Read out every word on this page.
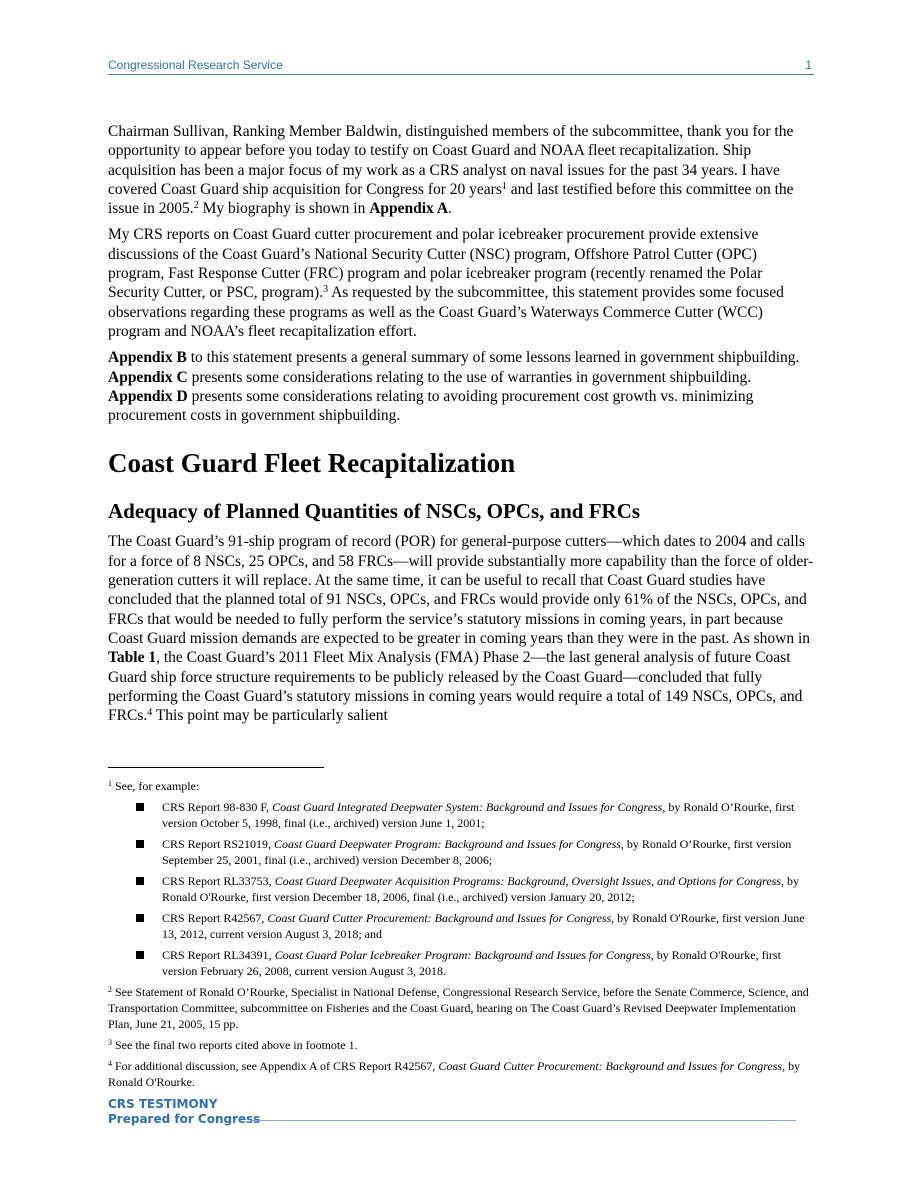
Congressional Research Service	1

Chairman Sullivan, Ranking Member Baldwin, distinguished members of the subcommittee, thank you for the opportunity to appear before you today to testify on Coast Guard and NOAA fleet recapitalization. Ship acquisition has been a major focus of my work as a CRS analyst on naval issues for the past 34 years. I have covered Coast Guard ship acquisition for Congress for 20 years$^1$ and last testified before this committee on the issue in 2005.$^2$ My biography is shown in Appendix A.

My CRS reports on Coast Guard cutter procurement and polar icebreaker procurement provide extensive discussions of the Coast Guard’s National Security Cutter (NSC) program, Offshore Patrol Cutter (OPC) program, Fast Response Cutter (FRC) program and polar icebreaker program (recently renamed the Polar Security Cutter, or PSC, program).$^3$ As requested by the subcommittee, this statement provides some focused observations regarding these programs as well as the Coast Guard’s Waterways Commerce Cutter (WCC) program and NOAA’s fleet recapitalization effort.

Appendix B to this statement presents a general summary of some lessons learned in government shipbuilding. Appendix C presents some considerations relating to the use of warranties in government shipbuilding. Appendix D presents some considerations relating to avoiding procurement cost growth vs. minimizing procurement costs in government shipbuilding.

Coast Guard Fleet Recapitalization
Adequacy of Planned Quantities of NSCs, OPCs, and FRCs

The Coast Guard’s 91-ship program of record (POR) for general-purpose cutters—which dates to 2004 and calls for a force of 8 NSCs, 25 OPCs, and 58 FRCs—will provide substantially more capability than the force of older-generation cutters it will replace. At the same time, it can be useful to recall that Coast Guard studies have concluded that the planned total of 91 NSCs, OPCs, and FRCs would provide only 61% of the NSCs, OPCs, and FRCs that would be needed to fully perform the service’s statutory missions in coming years, in part because Coast Guard mission demands are expected to be greater in coming years than they were in the past. As shown in Table 1, the Coast Guard’s 2011 Fleet Mix Analysis (FMA) Phase 2—the last general analysis of future Coast Guard ship force structure requirements to be publicly released by the Coast Guard—concluded that fully performing the Coast Guard’s statutory missions in coming years would require a total of 149 NSCs, OPCs, and FRCs.$^4$ This point may be particularly salient

$^1$ See, for example:
CRS Report 98-830 F, Coast Guard Integrated Deepwater System: Background and Issues for Congress, by Ronald O’Rourke, first version October 5, 1998, final (i.e., archived) version June 1, 2001;
CRS Report RS21019, Coast Guard Deepwater Program: Background and Issues for Congress, by Ronald O’Rourke, first version September 25, 2001, final (i.e., archived) version December 8, 2006;
CRS Report RL33753, Coast Guard Deepwater Acquisition Programs: Background, Oversight Issues, and Options for Congress, by Ronald O'Rourke, first version December 18, 2006, final (i.e., archived) version January 20, 2012;
CRS Report R42567, Coast Guard Cutter Procurement: Background and Issues for Congress, by Ronald O'Rourke, first version June 13, 2012, current version August 3, 2018; and
CRS Report RL34391, Coast Guard Polar Icebreaker Program: Background and Issues for Congress, by Ronald O'Rourke, first version February 26, 2008, current version August 3, 2018.
$^2$ See Statement of Ronald O’Rourke, Specialist in National Defense, Congressional Research Service, before the Senate Commerce, Science, and Transportation Committee, subcommittee on Fisheries and the Coast Guard, hearing on The Coast Guard’s Revised Deepwater Implementation Plan, June 21, 2005, 15 pp.
$^3$ See the final two reports cited above in footnote 1.
$^4$ For additional discussion, see Appendix A of CRS Report R42567, Coast Guard Cutter Procurement: Background and Issues for Congress, by Ronald O'Rourke.
CRS TESTIMONY
Prepared for Congress
